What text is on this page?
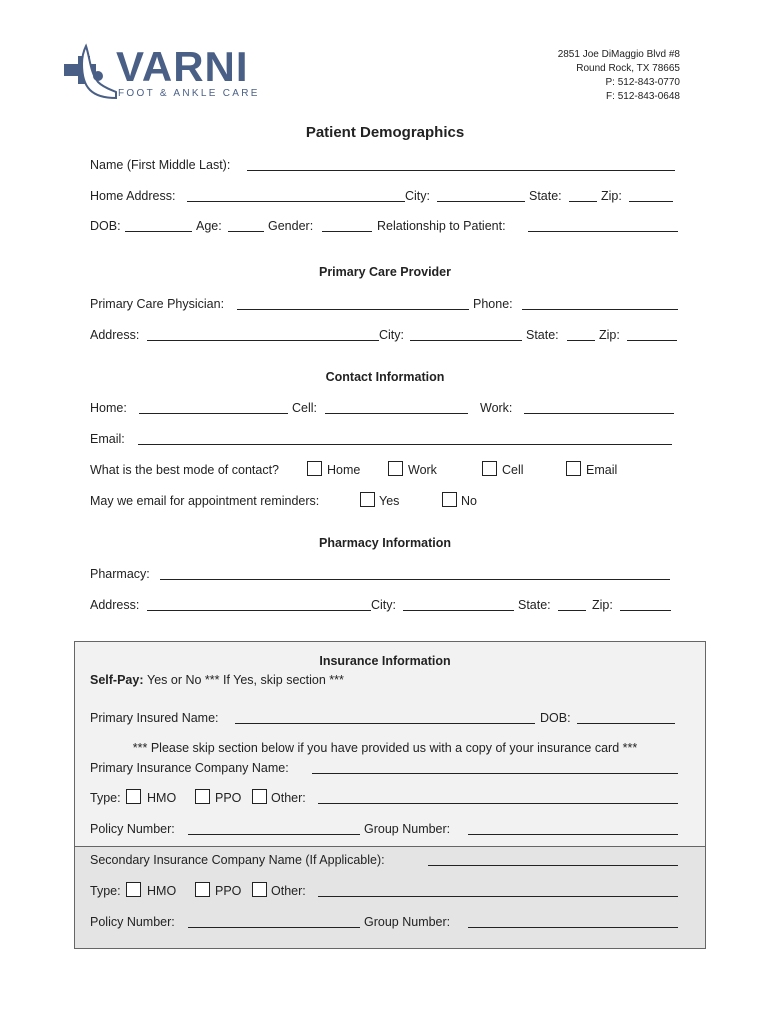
VARNI
FOOT & ANKLE CARE
2851 Joe DiMaggio Blvd #8
Round Rock, TX 78665
P: 512-843-0770
F: 512-843-0648
Patient Demographics
Name (First Middle Last):
Home Address:	City:	State:	Zip:
DOB:	Age:	Gender:	Relationship to Patient:
Primary Care Provider
Primary Care Physician:	Phone:
Address:	City:	State:	Zip:
Contact Information
Home:	Cell:	Work:
Email:
What is the best mode of contact?	Home	Work	Cell	Email
May we email for appointment reminders:	Yes	No
Pharmacy Information
Pharmacy:
Address:	City:	State:	Zip:
Insurance Information
Self-Pay: Yes or No *** If Yes, skip section ***
Primary Insured Name:	DOB:
*** Please skip section below if you have provided us with a copy of your insurance card ***
Primary Insurance Company Name:
Type: HMO	PPO Other:
Policy Number:	Group Number:
Secondary Insurance Company Name (If Applicable):
Type: HMO	PPO Other:
Policy Number:	Group Number:
